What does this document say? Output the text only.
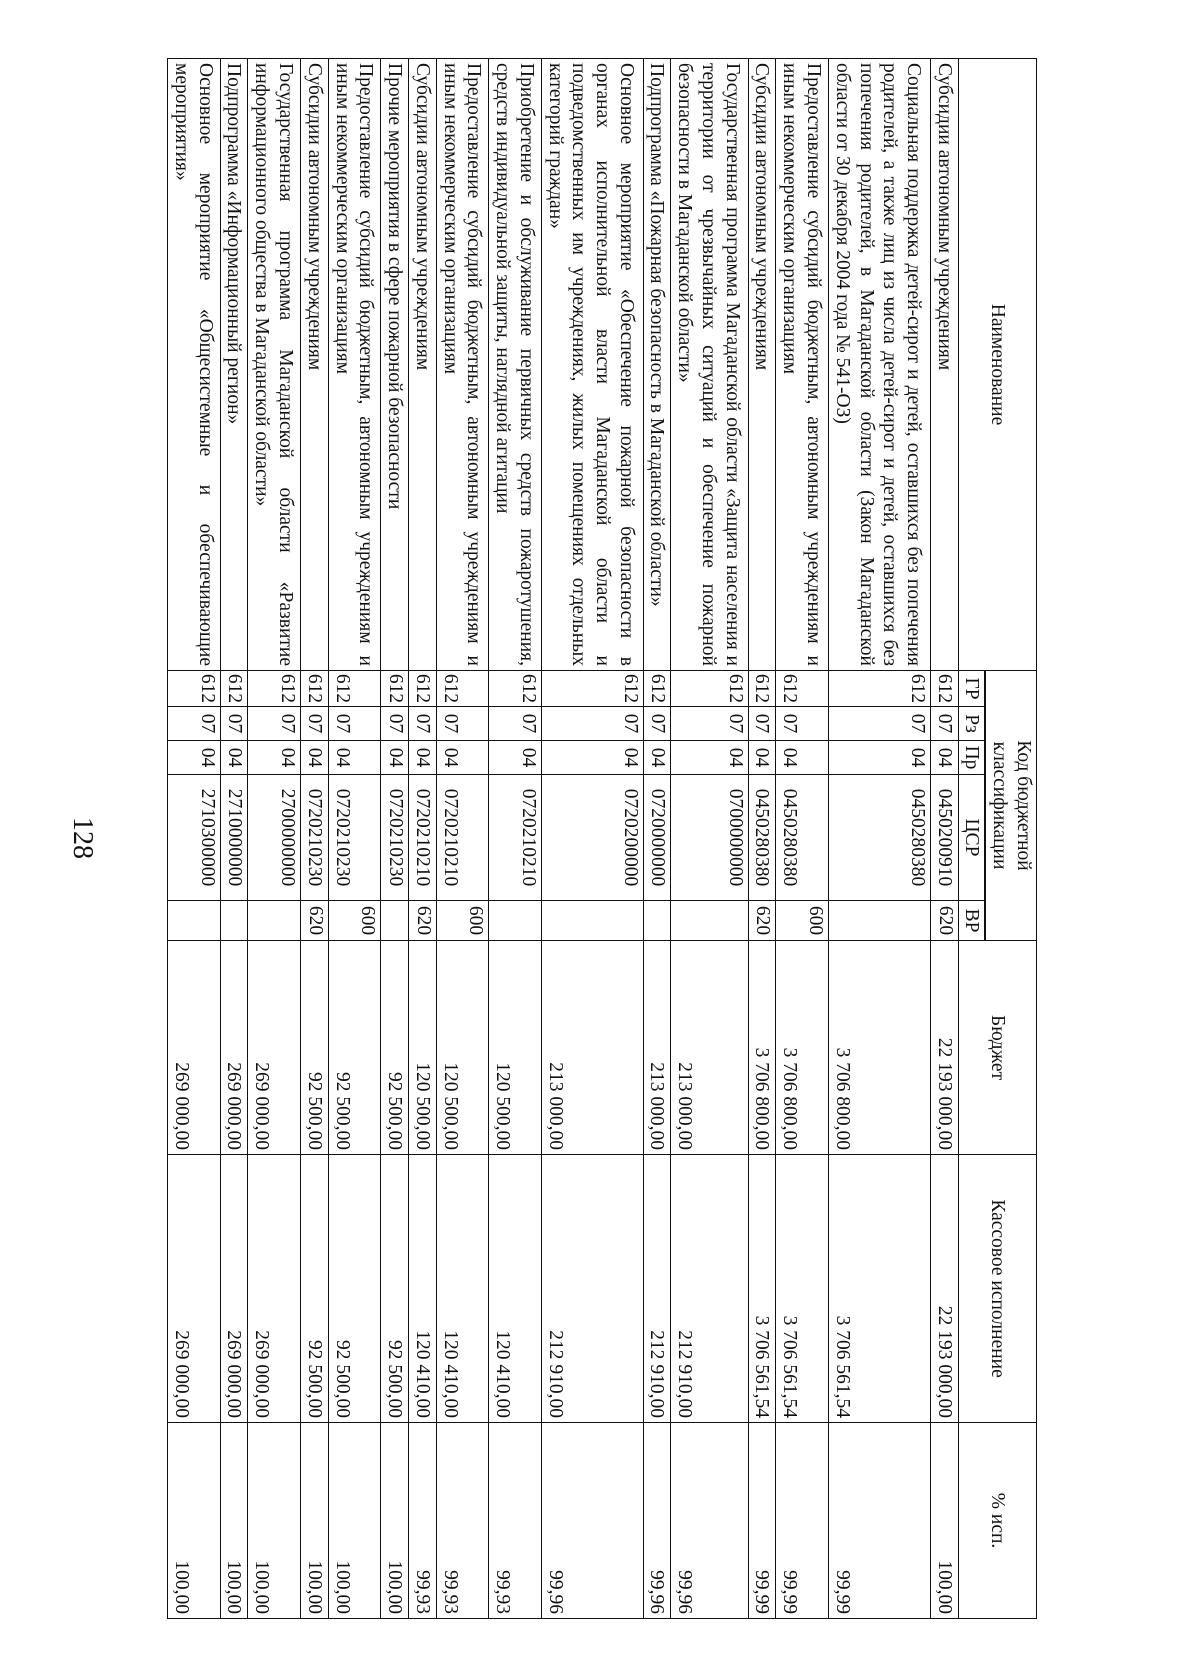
128
Наименование	Код бюджетной классификации					Бюджет	Кассовое исполнение	% исп.

	ГР	Рз	Пр	ЦСР	ВР			
Субсидии автономным учреждениям	612	07	04	0450200910	620	22 193 000,00	22 193 000,00	100,00
Социальная поддержка детей-сирот и детей, оставшихся без попечения родителей, а также лиц из числа детей-сирот и детей, оставшихся без попечения родителей, в Магаданской области (Закон Магаданской области от 30 декабря 2004 года № 541-ОЗ)	612	07	04	0450280380		3 706 800,00	3 706 561,54	99,99
Предоставление субсидий бюджетным, автономным учреждениям и иным некоммерческим организациям	612	07	04	0450280380	600	3 706 800,00	3 706 561,54	99,99
Субсидии автономным учреждениям	612	07	04	0450280380	620	3 706 800,00	3 706 561,54	99,99
Государственная программа Магаданской области «Защита населения и территории от чрезвычайных ситуаций и обеспечение пожарной безопасности в Магаданской области»	612	07	04	0700000000		213 000,00	212 910,00	99,96
Подпрограмма «Пожарная безопасность в Магаданской области»	612	07	04	0720000000		213 000,00	212 910,00	99,96
Основное мероприятие «Обеспечение пожарной безопасности в органах исполнительной власти Магаданской области и подведомственных им учреждениях, жилых помещениях отдельных категорий граждан»	612	07	04	0720200000		213 000,00	212 910,00	99,96
Приобретение и обслуживание первичных средств пожаротушения, средств индивидуальной защиты, наглядной агитации	612	07	04	0720210210		120 500,00	120 410,00	99,93
Предоставление субсидий бюджетным, автономным учреждениям и иным некоммерческим организациям	612	07	04	0720210210	600	120 500,00	120 410,00	99,93
Субсидии автономным учреждениям	612	07	04	0720210210	620	120 500,00	120 410,00	99,93
Прочие мероприятия в сфере пожарной безопасности	612	07	04	0720210230		92 500,00	92 500,00	100,00
Предоставление субсидий бюджетным, автономным учреждениям и иным некоммерческим организациям	612	07	04	0720210230	600	92 500,00	92 500,00	100,00
Субсидии автономным учреждениям	612	07	04	0720210230	620	92 500,00	92 500,00	100,00
Государственная программа Магаданской области «Развитие информационного общества в Магаданской области»	612	07	04	2700000000		269 000,00	269 000,00	100,00
Подпрограмма «Информационный регион»	612	07	04	2710000000		269 000,00	269 000,00	100,00
Основное мероприятие «Общесистемные и обеспечивающие мероприятия»	612	07	04	2710300000		269 000,00	269 000,00	100,00
